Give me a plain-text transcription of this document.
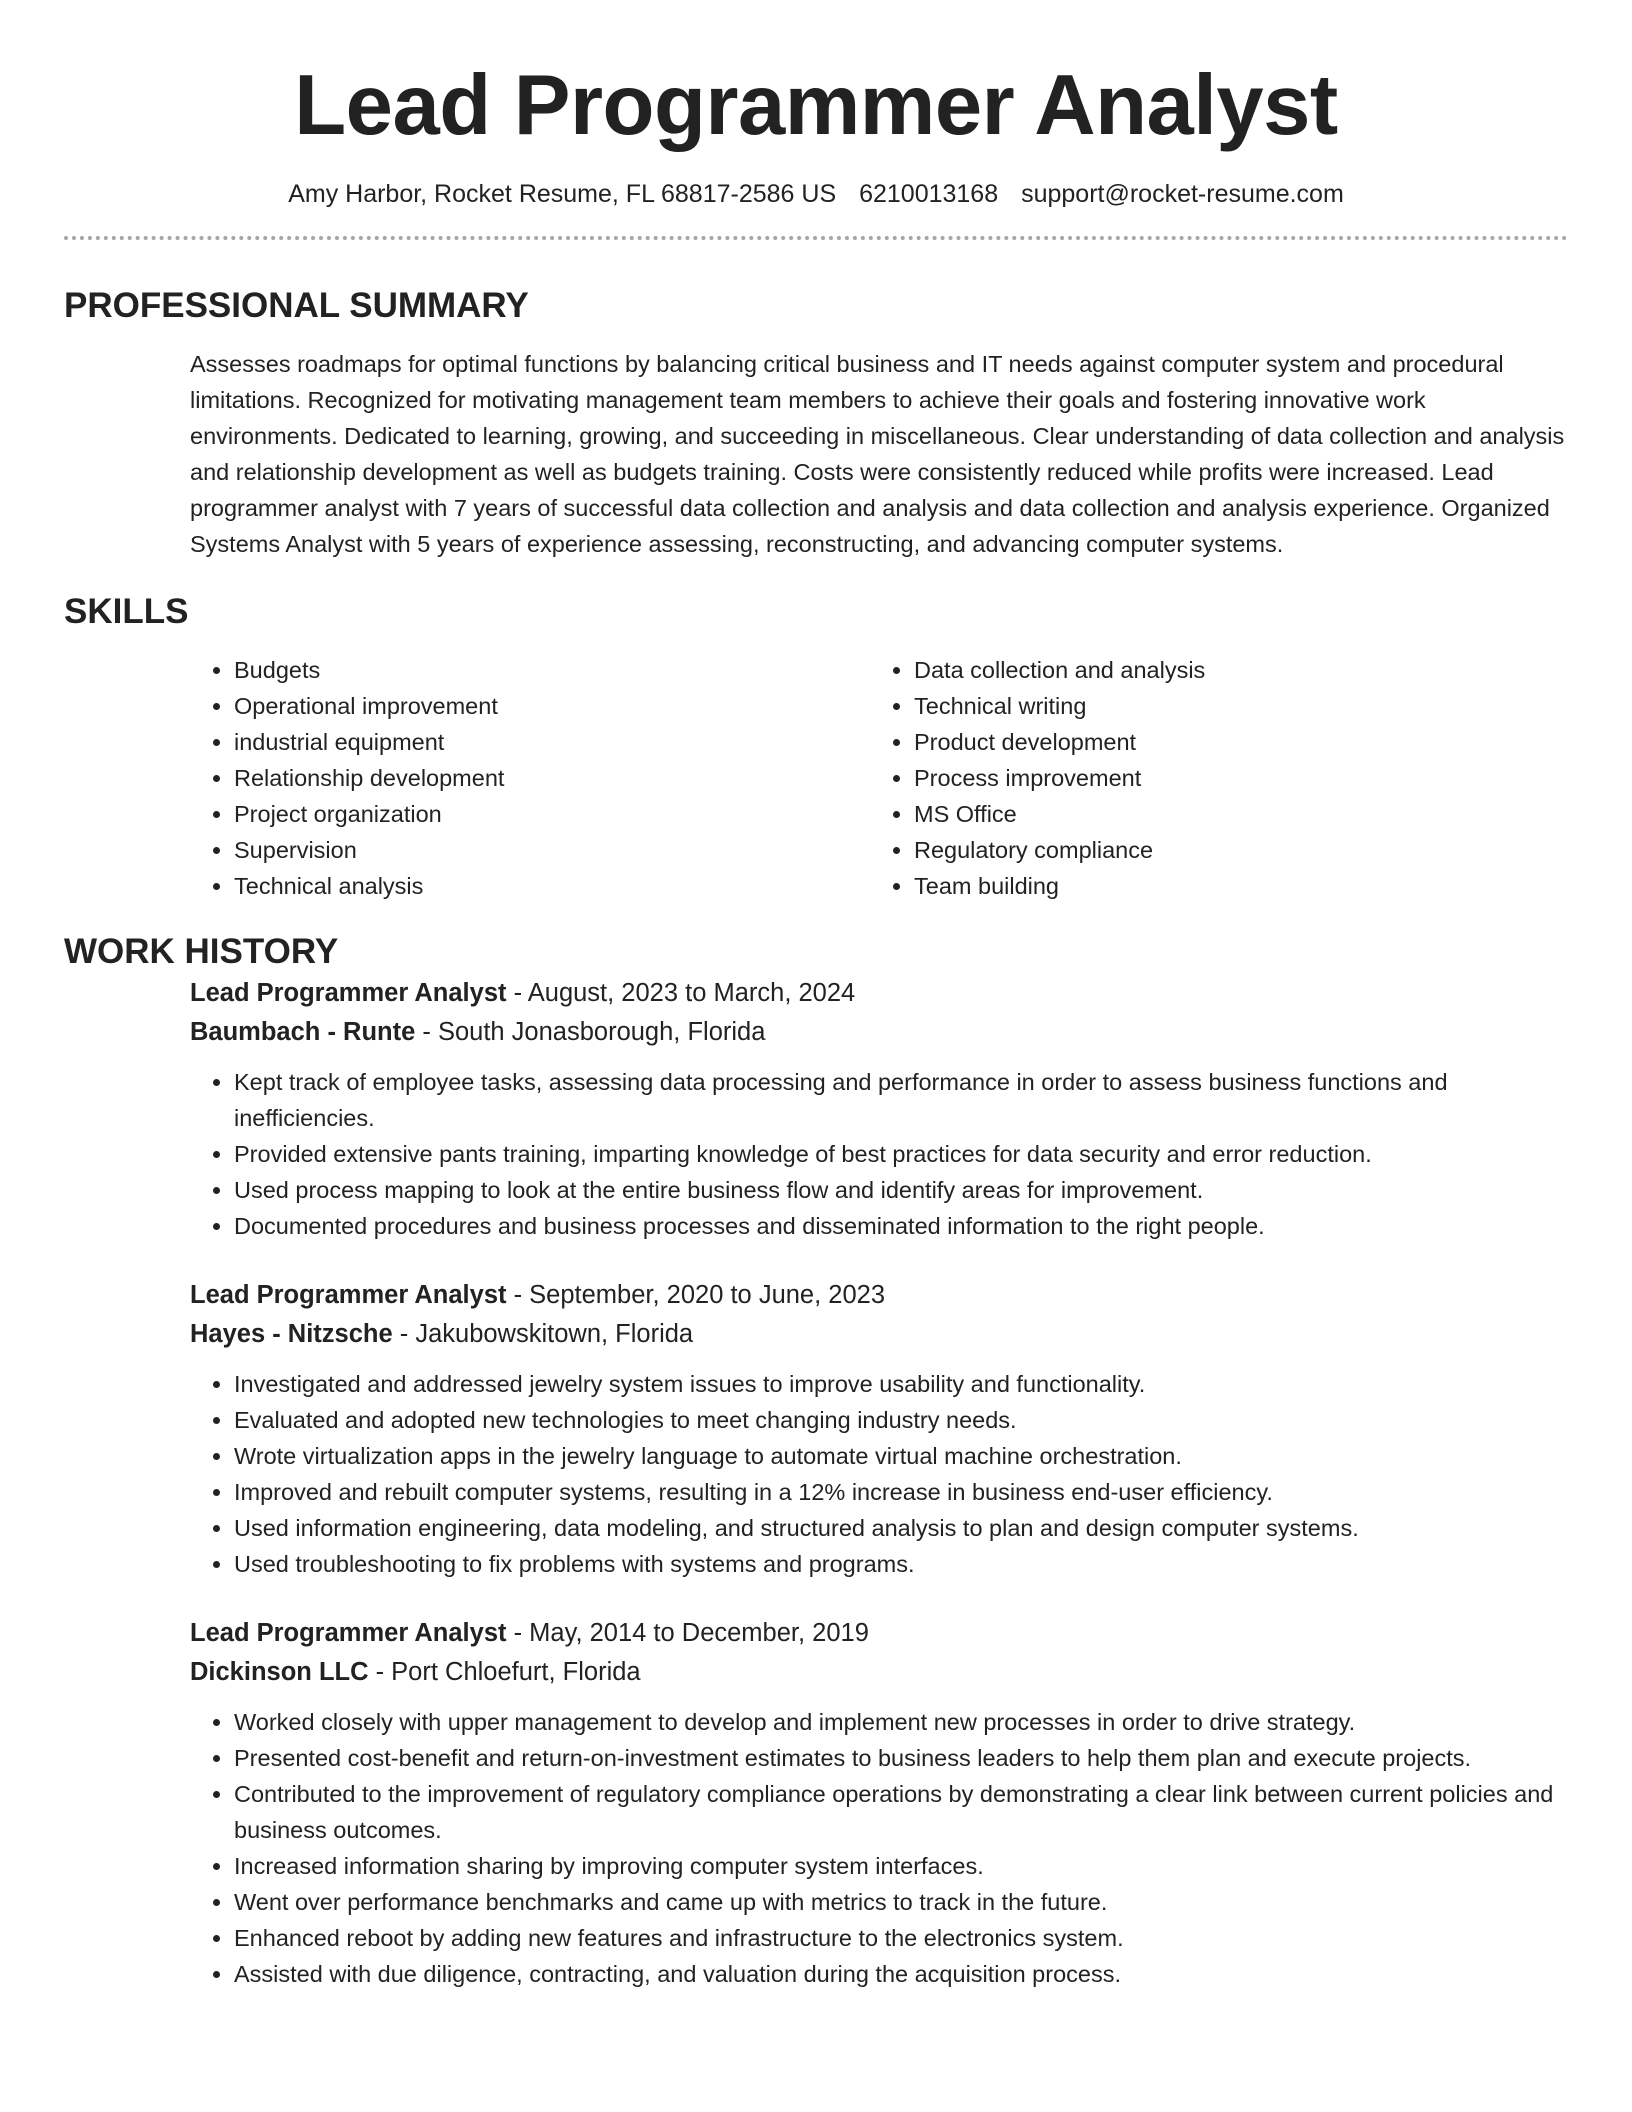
Lead Programmer Analyst
Amy Harbor, Rocket Resume, FL 68817-2586 US 6210013168 support@rocket-resume.com
PROFESSIONAL SUMMARY

Assesses roadmaps for optimal functions by balancing critical business and IT needs against computer system and procedural limitations. Recognized for motivating management team members to achieve their goals and fostering innovative work environments. Dedicated to learning, growing, and succeeding in miscellaneous. Clear understanding of data collection and analysis and relationship development as well as budgets training. Costs were consistently reduced while profits were increased. Lead programmer analyst with 7 years of successful data collection and analysis and data collection and analysis experience. Organized Systems Analyst with 5 years of experience assessing, reconstructing, and advancing computer systems.

SKILLS
• Budgets
• Operational improvement
• industrial equipment
• Relationship development
• Project organization
• Supervision
• Technical analysis
• Data collection and analysis
• Technical writing
• Product development
• Process improvement
• MS Office
• Regulatory compliance
• Team building
WORK HISTORY
Lead Programmer Analyst - August, 2023 to March, 2024
Baumbach - Runte - South Jonasborough, Florida
• Kept track of employee tasks, assessing data processing and performance in order to assess business functions and inefficiencies.
• Provided extensive pants training, imparting knowledge of best practices for data security and error reduction.
• Used process mapping to look at the entire business flow and identify areas for improvement.
• Documented procedures and business processes and disseminated information to the right people.
Lead Programmer Analyst - September, 2020 to June, 2023
Hayes - Nitzsche - Jakubowskitown, Florida
• Investigated and addressed jewelry system issues to improve usability and functionality.
• Evaluated and adopted new technologies to meet changing industry needs.
• Wrote virtualization apps in the jewelry language to automate virtual machine orchestration.
• Improved and rebuilt computer systems, resulting in a 12% increase in business end-user efficiency.
• Used information engineering, data modeling, and structured analysis to plan and design computer systems.
• Used troubleshooting to fix problems with systems and programs.
Lead Programmer Analyst - May, 2014 to December, 2019
Dickinson LLC - Port Chloefurt, Florida
• Worked closely with upper management to develop and implement new processes in order to drive strategy.
• Presented cost-benefit and return-on-investment estimates to business leaders to help them plan and execute projects.
• Contributed to the improvement of regulatory compliance operations by demonstrating a clear link between current policies and business outcomes.
• Increased information sharing by improving computer system interfaces.
• Went over performance benchmarks and came up with metrics to track in the future.
• Enhanced reboot by adding new features and infrastructure to the electronics system.
• Assisted with due diligence, contracting, and valuation during the acquisition process.
